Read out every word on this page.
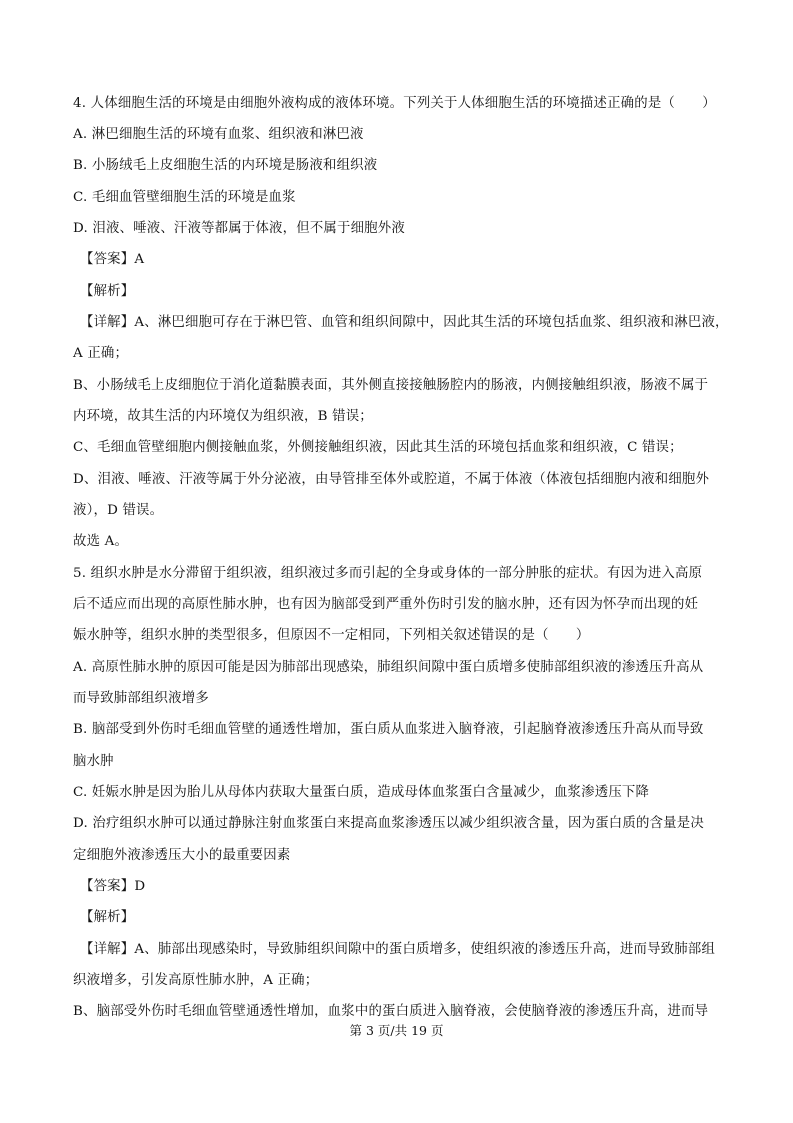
4. 人体细胞生活的环境是由细胞外液构成的液体环境。下列关于人体细胞生活的环境描述正确的是（　　）
A. 淋巴细胞生活的环境有血浆、组织液和淋巴液
B. 小肠绒毛上皮细胞生活的内环境是肠液和组织液
C. 毛细血管壁细胞生活的环境是血浆
D. 泪液、唾液、汗液等都属于体液，但不属于细胞外液
【答案】A
【解析】
【详解】A、淋巴细胞可存在于淋巴管、血管和组织间隙中，因此其生活的环境包括血浆、组织液和淋巴液，
A 正确；
B、小肠绒毛上皮细胞位于消化道黏膜表面，其外侧直接接触肠腔内的肠液，内侧接触组织液，肠液不属于
内环境，故其生活的内环境仅为组织液，B 错误；
C、毛细血管壁细胞内侧接触血浆，外侧接触组织液，因此其生活的环境包括血浆和组织液，C 错误；
D、泪液、唾液、汗液等属于外分泌液，由导管排至体外或腔道，不属于体液（体液包括细胞内液和细胞外
液），D 错误。
故选 A。
5. 组织水肿是水分滞留于组织液，组织液过多而引起的全身或身体的一部分肿胀的症状。有因为进入高原
后不适应而出现的高原性肺水肿，也有因为脑部受到严重外伤时引发的脑水肿，还有因为怀孕而出现的妊
娠水肿等，组织水肿的类型很多，但原因不一定相同，下列相关叙述错误的是（　　）
A. 高原性肺水肿的原因可能是因为肺部出现感染，肺组织间隙中蛋白质增多使肺部组织液的渗透压升高从
而导致肺部组织液增多
B. 脑部受到外伤时毛细血管壁的通透性增加，蛋白质从血浆进入脑脊液，引起脑脊液渗透压升高从而导致
脑水肿
C. 妊娠水肿是因为胎儿从母体内获取大量蛋白质，造成母体血浆蛋白含量减少，血浆渗透压下降
D. 治疗组织水肿可以通过静脉注射血浆蛋白来提高血浆渗透压以减少组织液含量，因为蛋白质的含量是决
定细胞外液渗透压大小的最重要因素
【答案】D
【解析】
【详解】A、肺部出现感染时，导致肺组织间隙中的蛋白质增多，使组织液的渗透压升高，进而导致肺部组
织液增多，引发高原性肺水肿，A 正确；
B、脑部受外伤时毛细血管壁通透性增加，血浆中的蛋白质进入脑脊液，会使脑脊液的渗透压升高，进而导
第 3 页/共 19 页
